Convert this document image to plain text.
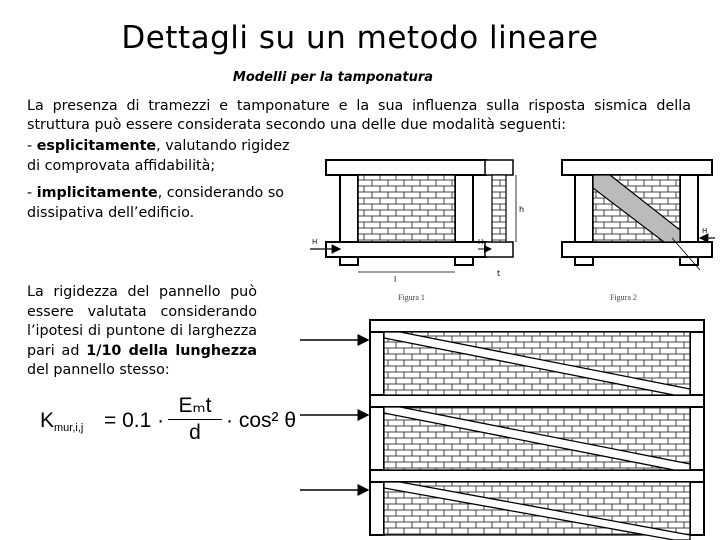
Dettagli su un metodo lineare
Modelli per la tamponatura
La presenza di tramezzi e tamponature e la sua influenza sulla risposta sismica della
struttura può essere considerata secondo una delle due modalità seguenti:
- esplicitamente, valutando rigidez
di comprovata affidabilità;
- implicitamente, considerando so
dissipativa dell’edificio.
La rigidezza del pannello può essere valutata considerando l’ipotesi di puntone di larghezza pari ad 1/10 della lunghezza del pannello stesso:
$K_{mur,i,j} = 0.1$ ·
Eₘt
d
· cos² θ
H
l
h
H
t
H
Figura 1	Figura 2
